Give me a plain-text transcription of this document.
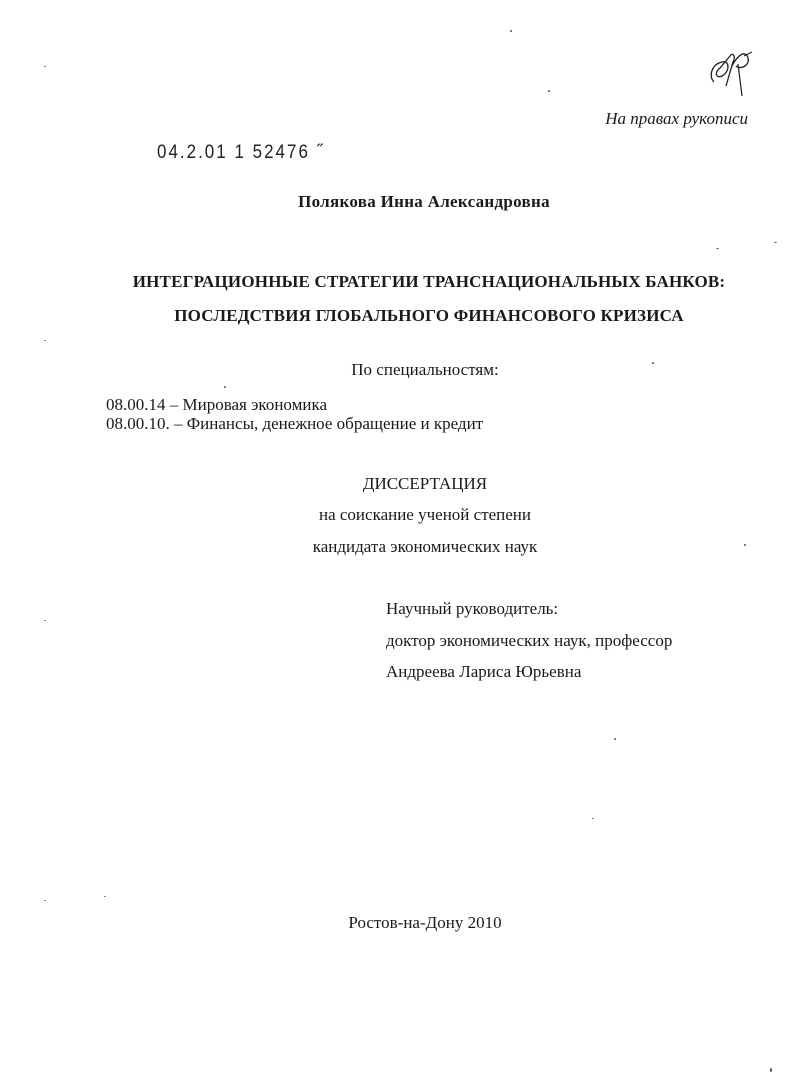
На правах рукописи
04.2.01 1 52476 ˝
Полякова Инна Александровна
ИНТЕГРАЦИОННЫЕ СТРАТЕГИИ ТРАНСНАЦИОНАЛЬНЫХ БАНКОВ:
ПОСЛЕДСТВИЯ ГЛОБАЛЬНОГО ФИНАНСОВОГО КРИЗИСА
По специальностям:
08.00.14 – Мировая экономика
08.00.10. – Финансы, денежное обращение и кредит
ДИССЕРТАЦИЯ
на соискание ученой степени
кандидата экономических наук
Научный руководитель:
доктор экономических наук, профессор
Андреева Лариса Юрьевна
Ростов-на-Дону 2010
